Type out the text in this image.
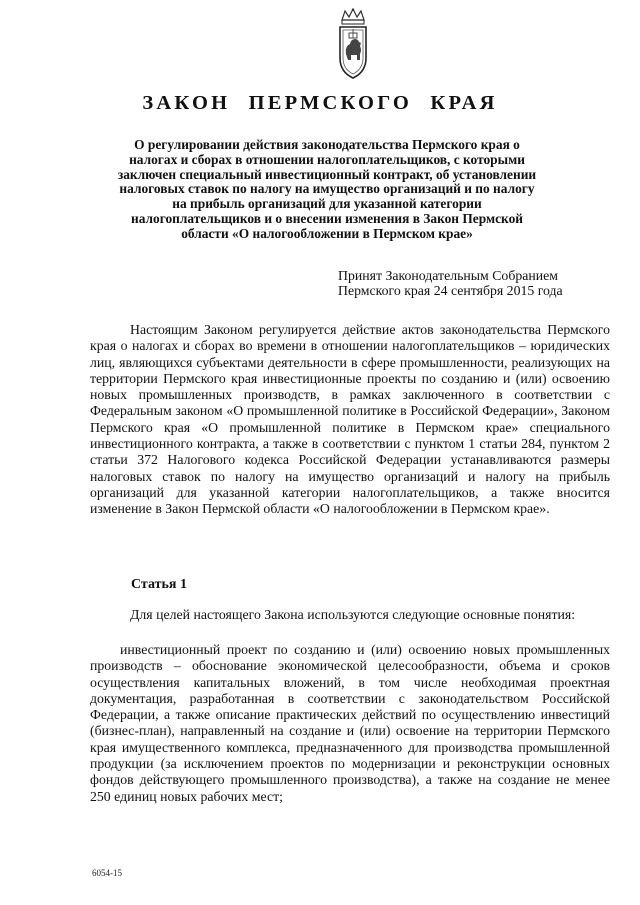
ЗАКОН ПЕРМСКОГО КРАЯ

О регулировании действия законодательства Пермского края о налогах и сборах в отношении налогоплательщиков, с которыми заключен специальный инвестиционный контракт, об установлении налоговых ставок по налогу на имущество организаций и по налогу на прибыль организаций для указанной категории налогоплательщиков и о внесении изменения в Закон Пермской области «О налогообложении в Пермском крае»

Принят Законодательным Собранием
Пермского края 24 сентября 2015 года

Настоящим Законом регулируется действие актов законодательства Пермского края о налогах и сборах во времени в отношении налогоплательщиков – юридических лиц, являющихся субъектами деятельности в сфере промышленности, реализующих на территории Пермского края инвестиционные проекты по созданию и (или) освоению новых промышленных производств, в рамках заключенного в соответствии с Федеральным законом «О промышленной политике в Российской Федерации», Законом Пермского края «О промышленной политике в Пермском крае» специального инвестиционного контракта, а также в соответствии с пунктом 1 статьи 284, пунктом 2 статьи 372 Налогового кодекса Российской Федерации устанавливаются размеры налоговых ставок по налогу на имущество организаций и налогу на прибыль организаций для указанной категории налогоплательщиков, а также вносится изменение в Закон Пермской области «О налогообложении в Пермском крае».

Статья 1

Для целей настоящего Закона используются следующие основные понятия:

инвестиционный проект по созданию и (или) освоению новых промышленных производств – обоснование экономической целесообразности, объема и сроков осуществления капитальных вложений, в том числе необходимая проектная документация, разработанная в соответствии с законодательством Российской Федерации, а также описание практических действий по осуществлению инвестиций (бизнес-план), направленный на создание и (или) освоение на территории Пермского края имущественного комплекса, предназначенного для производства промышленной продукции (за исключением проектов по модернизации и реконструкции основных фондов действующего промышленного производства), а также на создание не менее 250 единиц новых рабочих мест;

6054-15
